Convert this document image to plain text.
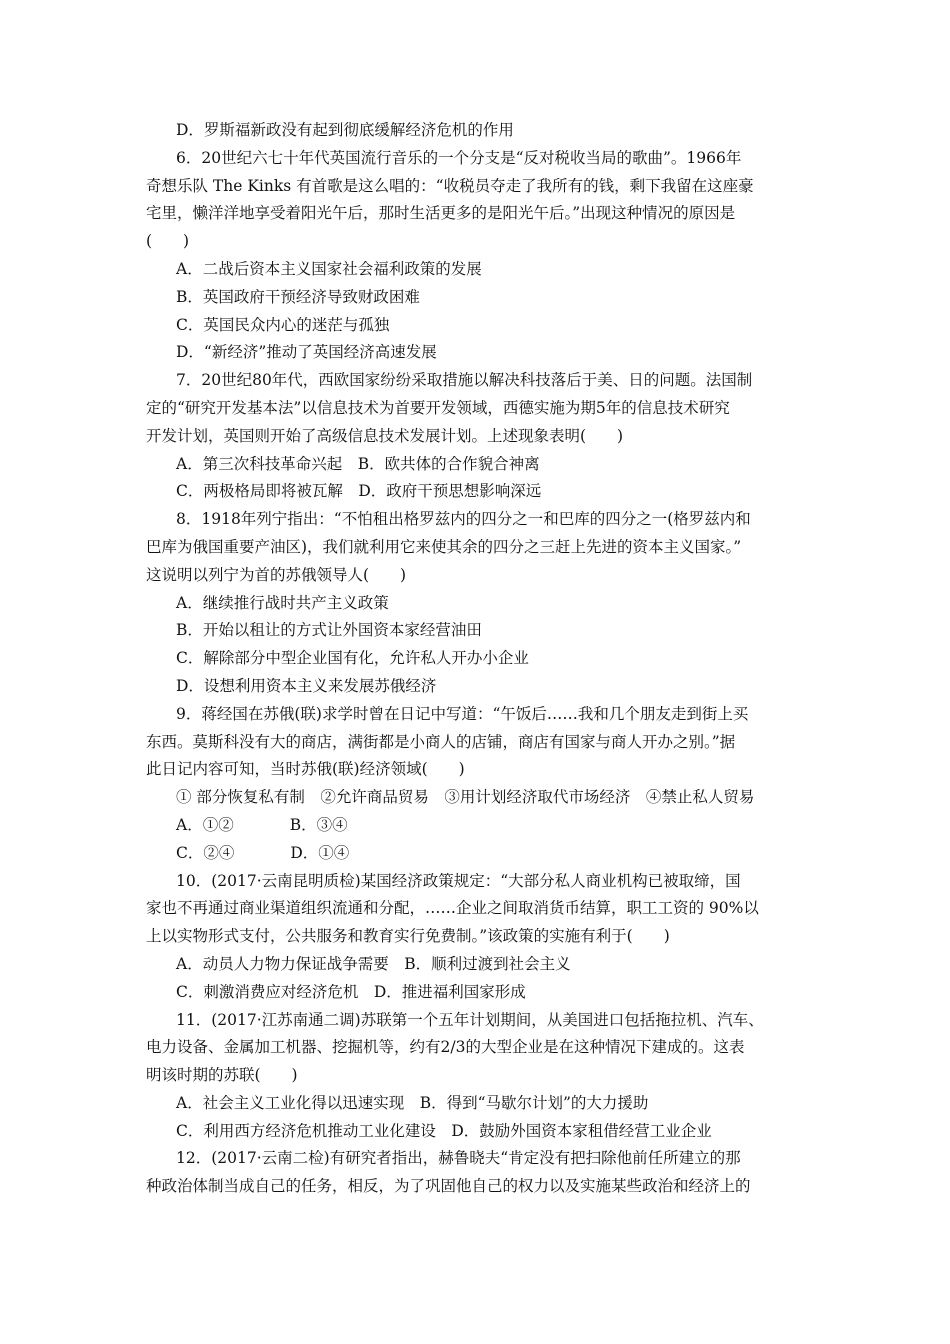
D．罗斯福新政没有起到彻底缓解经济危机的作用
6．20世纪六七十年代英国流行音乐的一个分支是“反对税收当局的歌曲”。1966年
奇想乐队 The Kinks 有首歌是这么唱的：“收税员夺走了我所有的钱，剩下我留在这座豪
宅里，懒洋洋地享受着阳光午后，那时生活更多的是阳光午后。”出现这种情况的原因是
(　　)
A．二战后资本主义国家社会福利政策的发展
B．英国政府干预经济导致财政困难
C．英国民众内心的迷茫与孤独
D．“新经济”推动了英国经济高速发展
7．20世纪80年代，西欧国家纷纷采取措施以解决科技落后于美、日的问题。法国制
定的“研究开发基本法”以信息技术为首要开发领域，西德实施为期5年的信息技术研究
开发计划，英国则开始了高级信息技术发展计划。上述现象表明(　　)
A．第三次科技革命兴起　B．欧共体的合作貌合神离
C．两极格局即将被瓦解　D．政府干预思想影响深远
8．1918年列宁指出：“不怕租出格罗兹内的四分之一和巴库的四分之一(格罗兹内和
巴库为俄国重要产油区)，我们就利用它来使其余的四分之三赶上先进的资本主义国家。”
这说明以列宁为首的苏俄领导人(　　)
A．继续推行战时共产主义政策
B．开始以租让的方式让外国资本家经营油田
C．解除部分中型企业国有化，允许私人开办小企业
D．设想利用资本主义来发展苏俄经济
9．蒋经国在苏俄(联)求学时曾在日记中写道：“午饭后……我和几个朋友走到街上买
东西。莫斯科没有大的商店，满街都是小商人的店铺，商店有国家与商人开办之别。”据
此日记内容可知，当时苏俄(联)经济领域(　　)
① 部分恢复私有制　②允许商品贸易　③用计划经济取代市场经济　④禁止私人贸易
A．①②	B．③④
C．②④	D．①④
10．(2017·云南昆明质检)某国经济政策规定：“大部分私人商业机构已被取缔，国
家也不再通过商业渠道组织流通和分配，……企业之间取消货币结算，职工工资的 90%以
上以实物形式支付，公共服务和教育实行免费制。”该政策的实施有利于(　　)
A．动员人力物力保证战争需要　B．顺利过渡到社会主义
C．刺激消费应对经济危机　D．推进福利国家形成
11．(2017·江苏南通二调)苏联第一个五年计划期间，从美国进口包括拖拉机、汽车、
电力设备、金属加工机器、挖掘机等，约有2/3的大型企业是在这种情况下建成的。这表
明该时期的苏联(　　)
A．社会主义工业化得以迅速实现　B．得到“马歇尔计划”的大力援助
C．利用西方经济危机推动工业化建设　D．鼓励外国资本家租借经营工业企业
12．(2017·云南二检)有研究者指出，赫鲁晓夫“肯定没有把扫除他前任所建立的那
种政治体制当成自己的任务，相反，为了巩固他自己的权力以及实施某些政治和经济上的
